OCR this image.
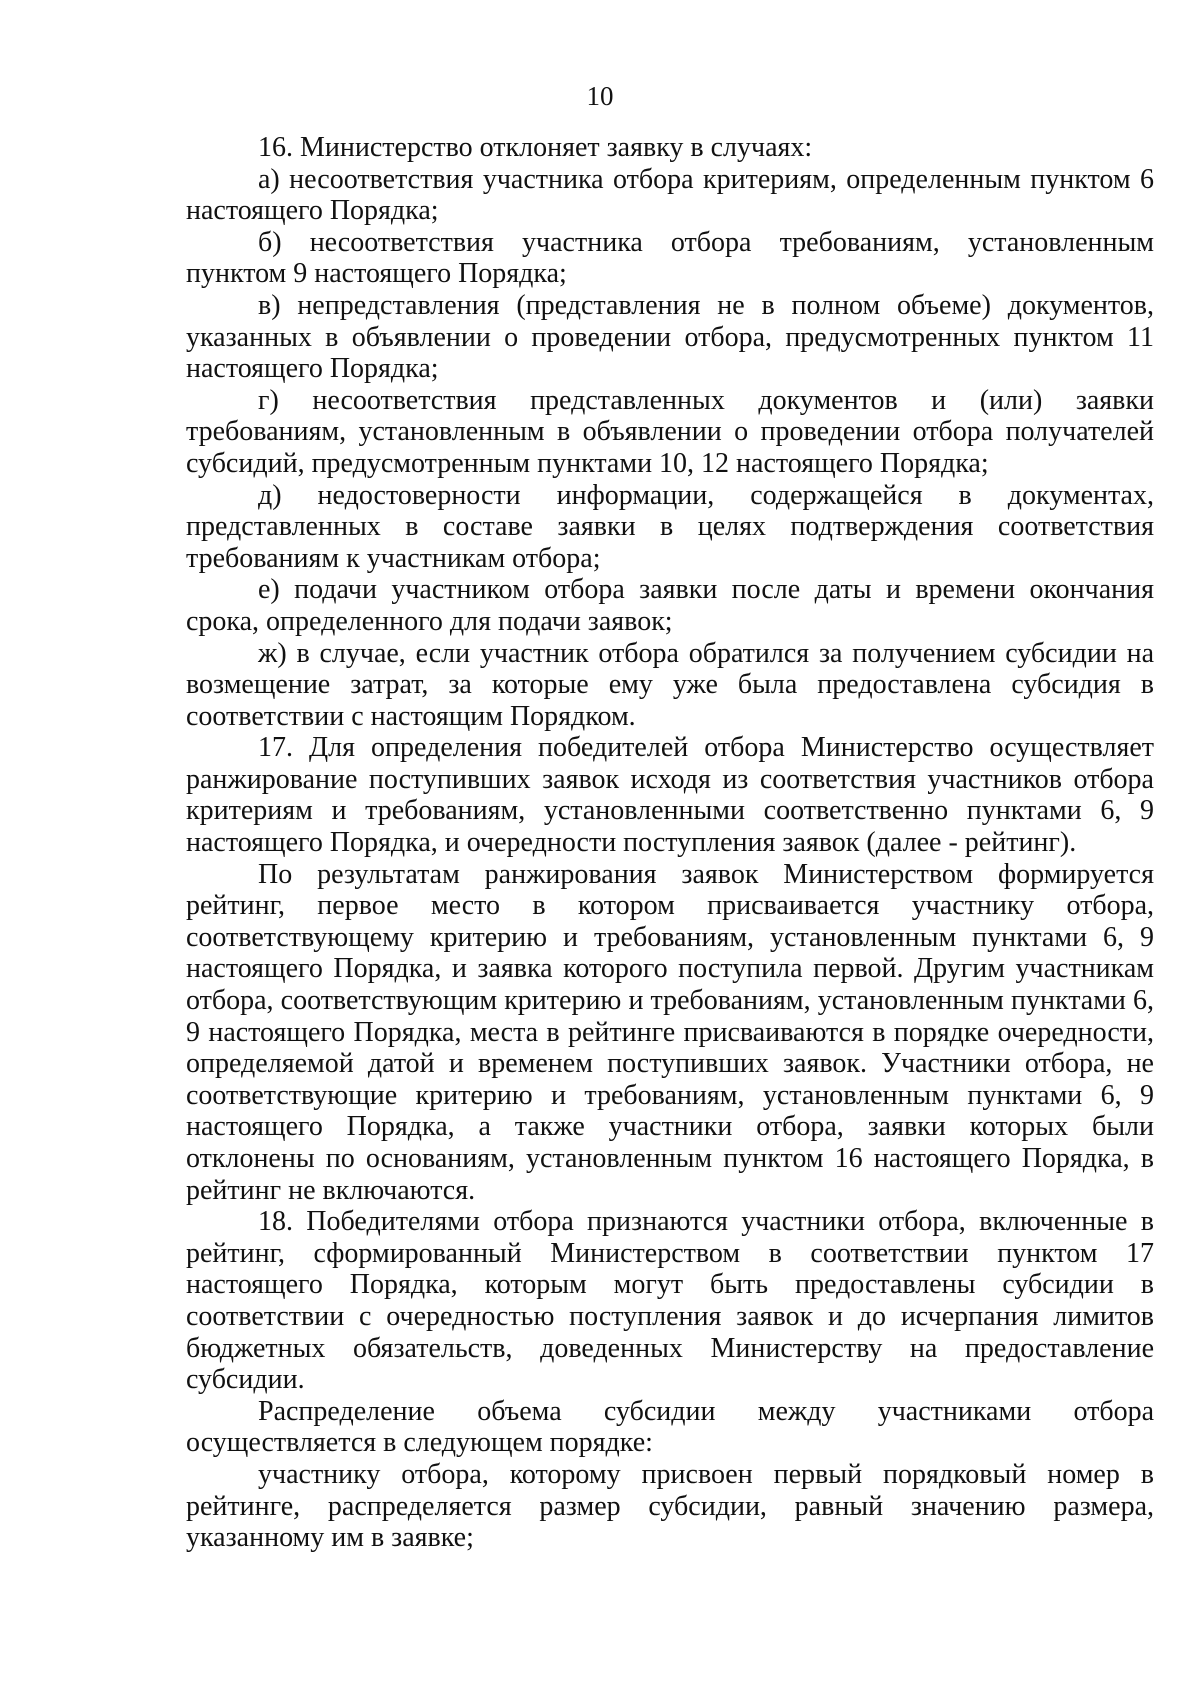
10

16. Министерство отклоняет заявку в случаях:

а) несоответствия участника отбора критериям, определенным пунктом 6 настоящего Порядка;

б) несоответствия участника отбора требованиям, установленным пунктом 9 настоящего Порядка;

в) непредставления (представления не в полном объеме) документов, указанных в объявлении о проведении отбора, предусмотренных пунктом 11 настоящего Порядка;

г) несоответствия представленных документов и (или) заявки требованиям, установленным в объявлении о проведении отбора получателей субсидий, предусмотренным пунктами 10, 12 настоящего Порядка;

д) недостоверности информации, содержащейся в документах, представленных в составе заявки в целях подтверждения соответствия требованиям к участникам отбора;

е) подачи участником отбора заявки после даты и времени окончания срока, определенного для подачи заявок;

ж) в случае, если участник отбора обратился за получением субсидии на возмещение затрат, за которые ему уже была предоставлена субсидия в соответствии с настоящим Порядком.

17. Для определения победителей отбора Министерство осуществляет ранжирование поступивших заявок исходя из соответствия участников отбора критериям и требованиям, установленными соответственно пунктами 6, 9 настоящего Порядка, и очередности поступления заявок (далее - рейтинг).

По результатам ранжирования заявок Министерством формируется рейтинг, первое место в котором присваивается участнику отбора, соответствующему критерию и требованиям, установленным пунктами 6, 9 настоящего Порядка, и заявка которого поступила первой. Другим участникам отбора, соответствующим критерию и требованиям, установленным пунктами 6, 9 настоящего Порядка, места в рейтинге присваиваются в порядке очередности, определяемой датой и временем поступивших заявок. Участники отбора, не соответствующие критерию и требованиям, установленным пунктами 6, 9 настоящего Порядка, а также участники отбора, заявки которых были отклонены по основаниям, установленным пунктом 16 настоящего Порядка, в рейтинг не включаются.

18. Победителями отбора признаются участники отбора, включенные в рейтинг, сформированный Министерством в соответствии пунктом 17 настоящего Порядка, которым могут быть предоставлены субсидии в соответствии с очередностью поступления заявок и до исчерпания лимитов бюджетных обязательств, доведенных Министерству на предоставление субсидии.

Распределение объема субсидии между участниками отбора осуществляется в следующем порядке:

участнику отбора, которому присвоен первый порядковый номер в рейтинге, распределяется размер субсидии, равный значению размера, указанному им в заявке;
